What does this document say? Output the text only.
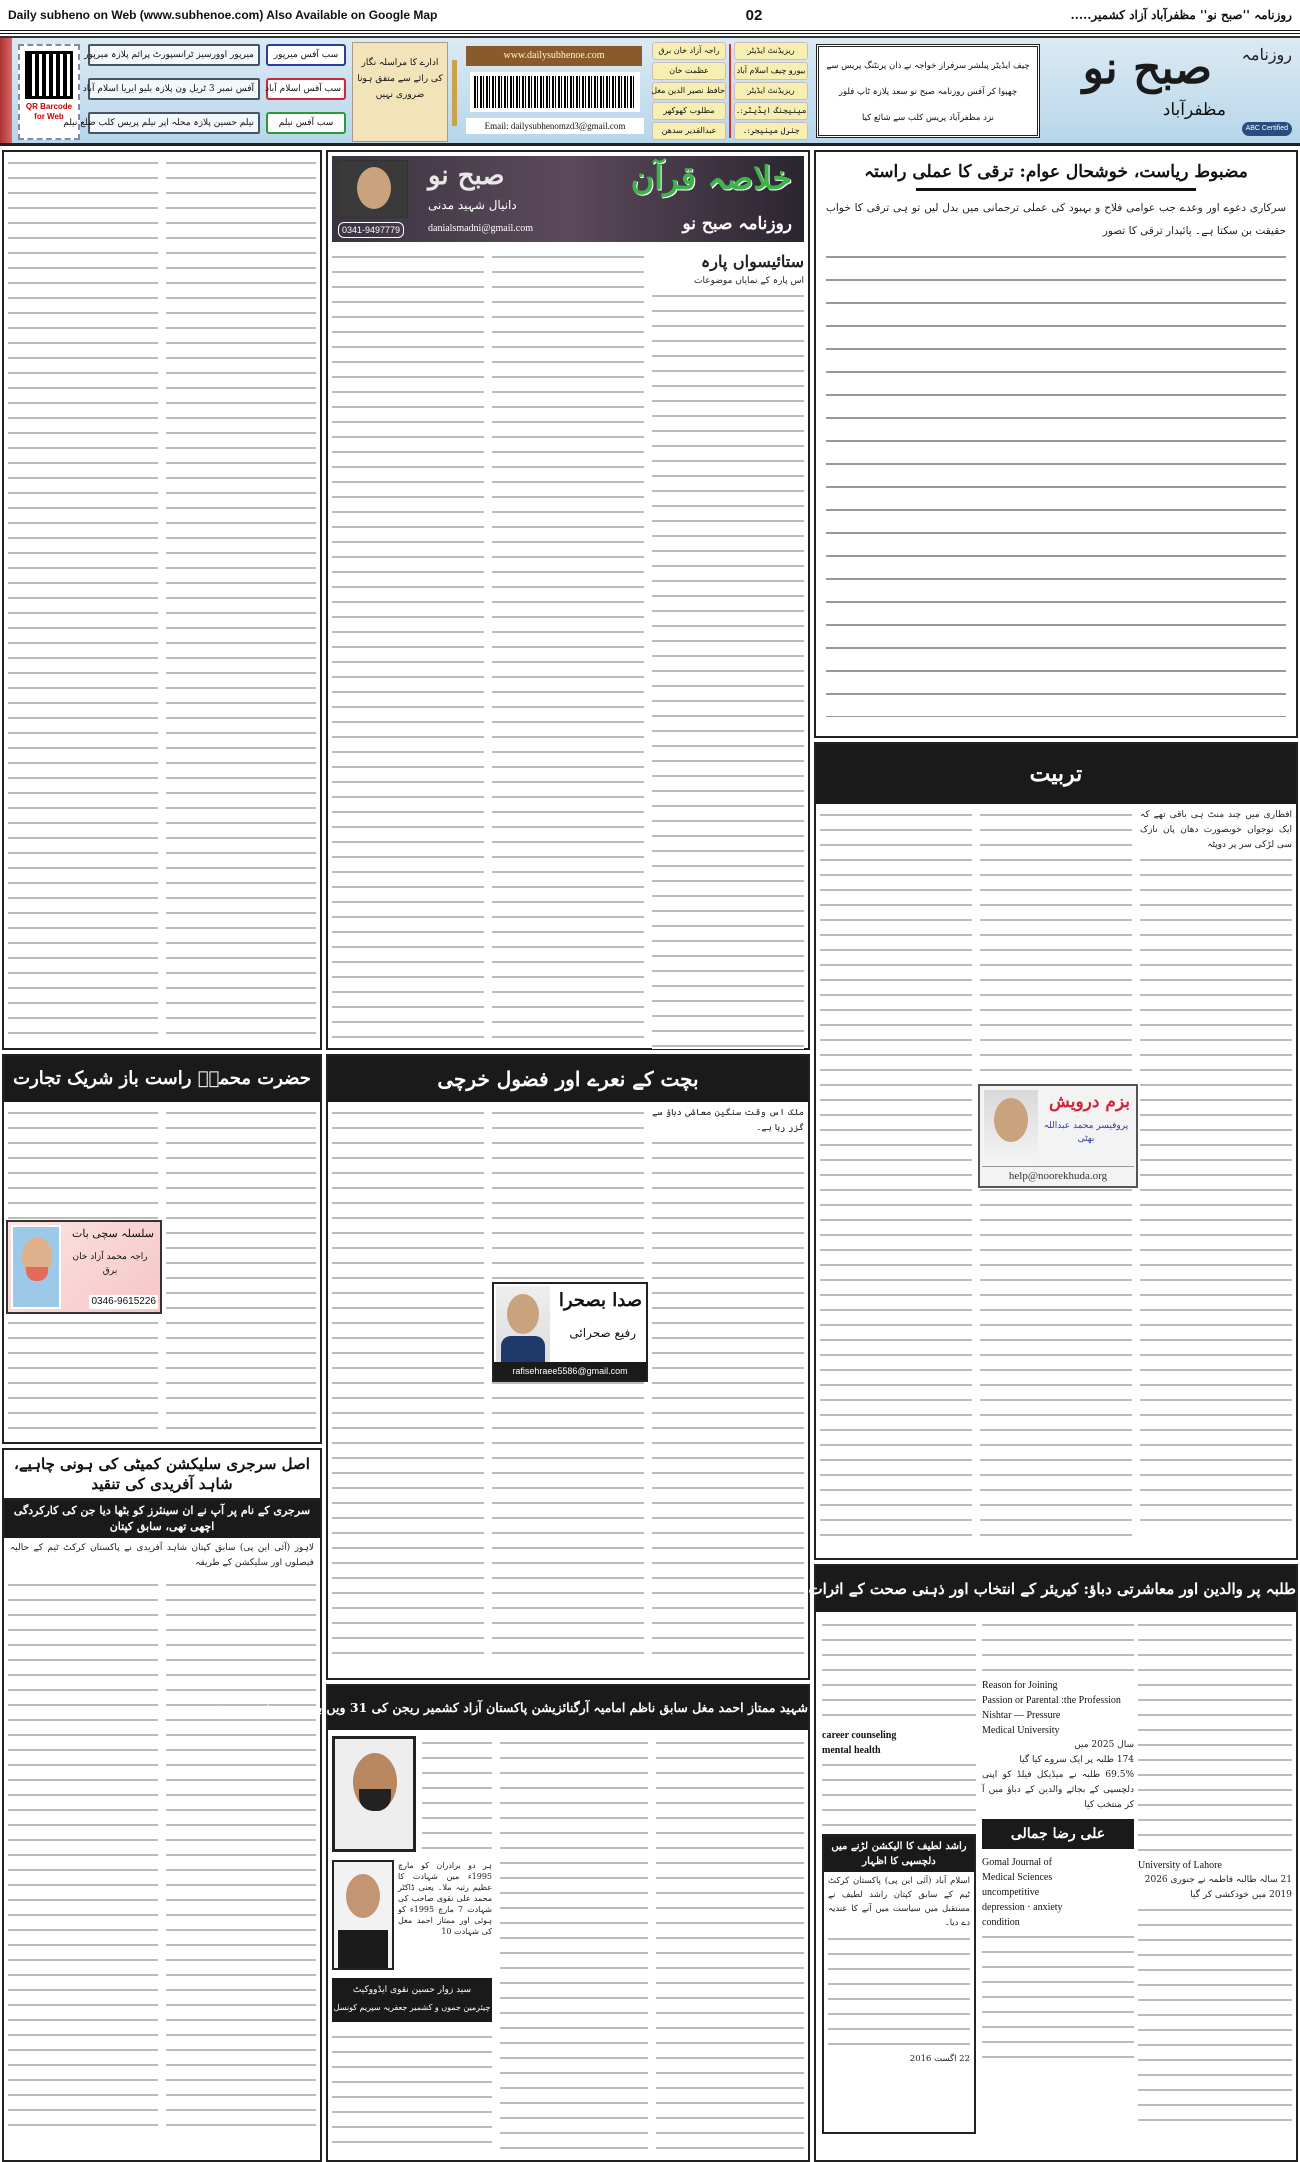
Daily subheno on Web (www.subhenoe.com) Also Available on Google Map	02	روزنامہ ''صبح نو'' مظفرآباد آزاد کشمیر.....
QR Barcode for Web
میرپور اوورسیز ٹرانسپورٹ پرائم پلازہ میرپور
آفس نمبر 3 ٹریل ون پلازہ بلیو ایریا اسلام آباد
نیلم حسین پلازہ محلہ اپر نیلم پریس کلب ضلع نیلم
سب آفس میرپور
سب آفس اسلام آباد
سب آفس نیلم
ادارے کا مراسلہ نگار کی رائے سے متفق ہونا ضروری نہیں
www.dailysubhenoe.com
Email: dailysubhenomzd3@gmail.com
راجہ آزاد خان برق
عظمت خان
حافظ نصیر الدین مغل
مطلوب کھوکھر
عبدالقدیر سدھن
ریزیڈنٹ ایڈیٹر
بیورو چیف اسلام آباد
ریزیڈنٹ ایڈیٹر
مینیجنگ ایڈیٹر:۔
جنرل مینیجر:۔
چیف ایڈیٹر پبلشر سرفراز خواجہ نے ذان پرنٹنگ پریس سے
چھپوا کر آفس روزنامہ صبح نو سعد پلازہ ٹاپ فلور
نزد مظفرآباد پریس کلب سے شائع کیا
روزنامہ
صبح نو
مظفرآباد
ABC Certified
مضبوط ریاست، خوشحال عوام: ترقی کا عملی راستہ
سرکاری دعوے اور وعدے جب عوامی فلاح و بہبود کی عملی ترجمانی میں بدل لیں تو ہی ترقی کا خواب حقیقت بن سکتا ہے۔ پائیدار ترقی کا تصور
0341-9497779	danialsmadni@gmail.com
صبح نو
دانیال شہید مدنی
خلاصہ قرآن
روزنامہ صبح نو
ستائیسواں پارہ
اس پارہ کے نمایاں موضوعات
تربیت
افطاری میں چند منٹ ہی باقی تھے کہ ایک نوجوان خوبصورت دھان پان نازک سی لڑکی سر پر دوپٹہ
بزم درویش
پروفیسر محمد عبداللہ بھٹی
help@noorekhuda.org
بچت کے نعرے اور فضول خرچی
ملک اس وقت سنگین معاشی دباؤ سے گزر رہا ہے۔
صدا بصحرا
رفیع صحرائی
rafisehraee5586@gmail.com
حضرت محمدؐ راست باز شریک تجارت
سلسلہ سچی بات
راجہ محمد آزاد خان برق
0346-9615226
اصل سرجری سلیکشن کمیٹی کی ہونی چاہیے، شاہد آفریدی کی تنقید
سرجری کے نام پر آپ نے ان سینئرز کو بٹھا دیا جن کی کارکردگی اچھی تھی، سابق کپتان
لاہور (آئی این پی) سابق کپتان شاہد آفریدی نے پاکستان کرکٹ ٹیم کے حالیہ فیصلوں اور سلیکشن کے طریقہ
شہید ممتاز احمد مغل سابق ناظم امامیہ آرگنائزیشن پاکستان آزاد کشمیر ریجن کی 31 ویں برسی پر خصوصی تحریر
ہر دو برادران کو مارچ 1995ء میں شہادت کا عظیم رتبہ ملا۔ یعنی ڈاکٹر محمد علی نقوی صاحب کی شہادت 7 مارچ 1995ء کو ہوئی اور ممتاز احمد مغل کی شہادت 10
سید زوار حسین نقوی ایڈووکیٹ
چیئرمین جموں و کشمیر جعفریہ سپریم کونسل
طلبہ پر والدین اور معاشرتی دباؤ: کیریئر کے انتخاب اور ذہنی صحت کے اثرات
University of Lahore
21 سالہ طالبہ فاطمہ نے جنوری 2026
2019 میں خودکشی کر گیا
Reason for Joining
Passion or Parental :the Profession
Nishtar — Pressure
Medical University
سال 2025 میں
174 طلبہ پر ایک سروے کیا گیا
69.5% طلبہ نے میڈیکل فیلڈ کو اپنی دلچسپی کے بجائے والدین کے دباؤ میں آ کر منتخب کیا
علی رضا جمالی
Gomal Journal of
Medical Sciences
uncompetitive
depression · anxiety
condition
career counseling
mental health
راشد لطیف کا الیکشن لڑنے میں دلچسپی کا اظہار
اسلام آباد (آئی این پی) پاکستان کرکٹ ٹیم کے سابق کپتان راشد لطیف نے مستقبل میں سیاست میں آنے کا عندیہ دے دیا۔
22 اگست 2016
